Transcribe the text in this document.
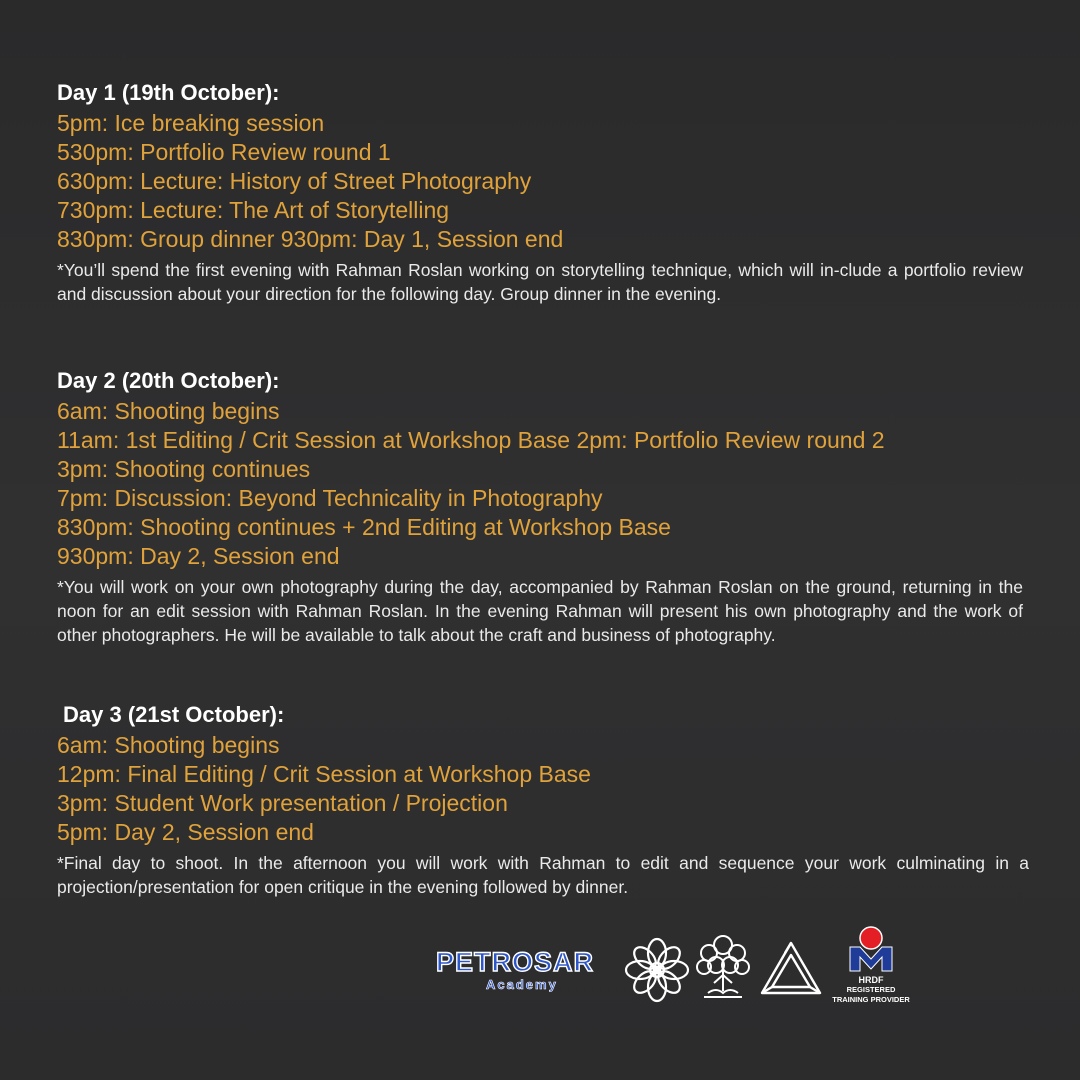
Day 1 (19th October):
5pm: Ice breaking session
530pm: Portfolio Review round 1
630pm: Lecture: History of Street Photography
730pm: Lecture: The Art of Storytelling
830pm: Group dinner 930pm: Day 1, Session end

*You’ll spend the first evening with Rahman Roslan working on storytelling technique, which will in-clude a portfolio review and discussion about your direction for the following day. Group dinner in the evening.

Day 2 (20th October):
6am: Shooting begins
11am: 1st Editing / Crit Session at Workshop Base 2pm: Portfolio Review round 2
3pm: Shooting continues
7pm: Discussion: Beyond Technicality in Photography
830pm: Shooting continues + 2nd Editing at Workshop Base
930pm: Day 2, Session end

*You will work on your own photography during the day, accompanied by Rahman Roslan on the ground, returning in the noon for an edit session with Rahman Roslan. In the evening Rahman will present his own photography and the work of other photographers. He will be available to talk about the craft and business of photography.

Day 3 (21st October):
6am: Shooting begins
12pm: Final Editing / Crit Session at Workshop Base
3pm: Student Work presentation / Projection
5pm: Day 2, Session end

*Final day to shoot. In the afternoon you will work with Rahman to edit and sequence your work culminating in a projection/presentation for open critique in the evening followed by dinner.

PETROSAR
Academy	HRDF
REGISTERED
TRAINING PROVIDER
